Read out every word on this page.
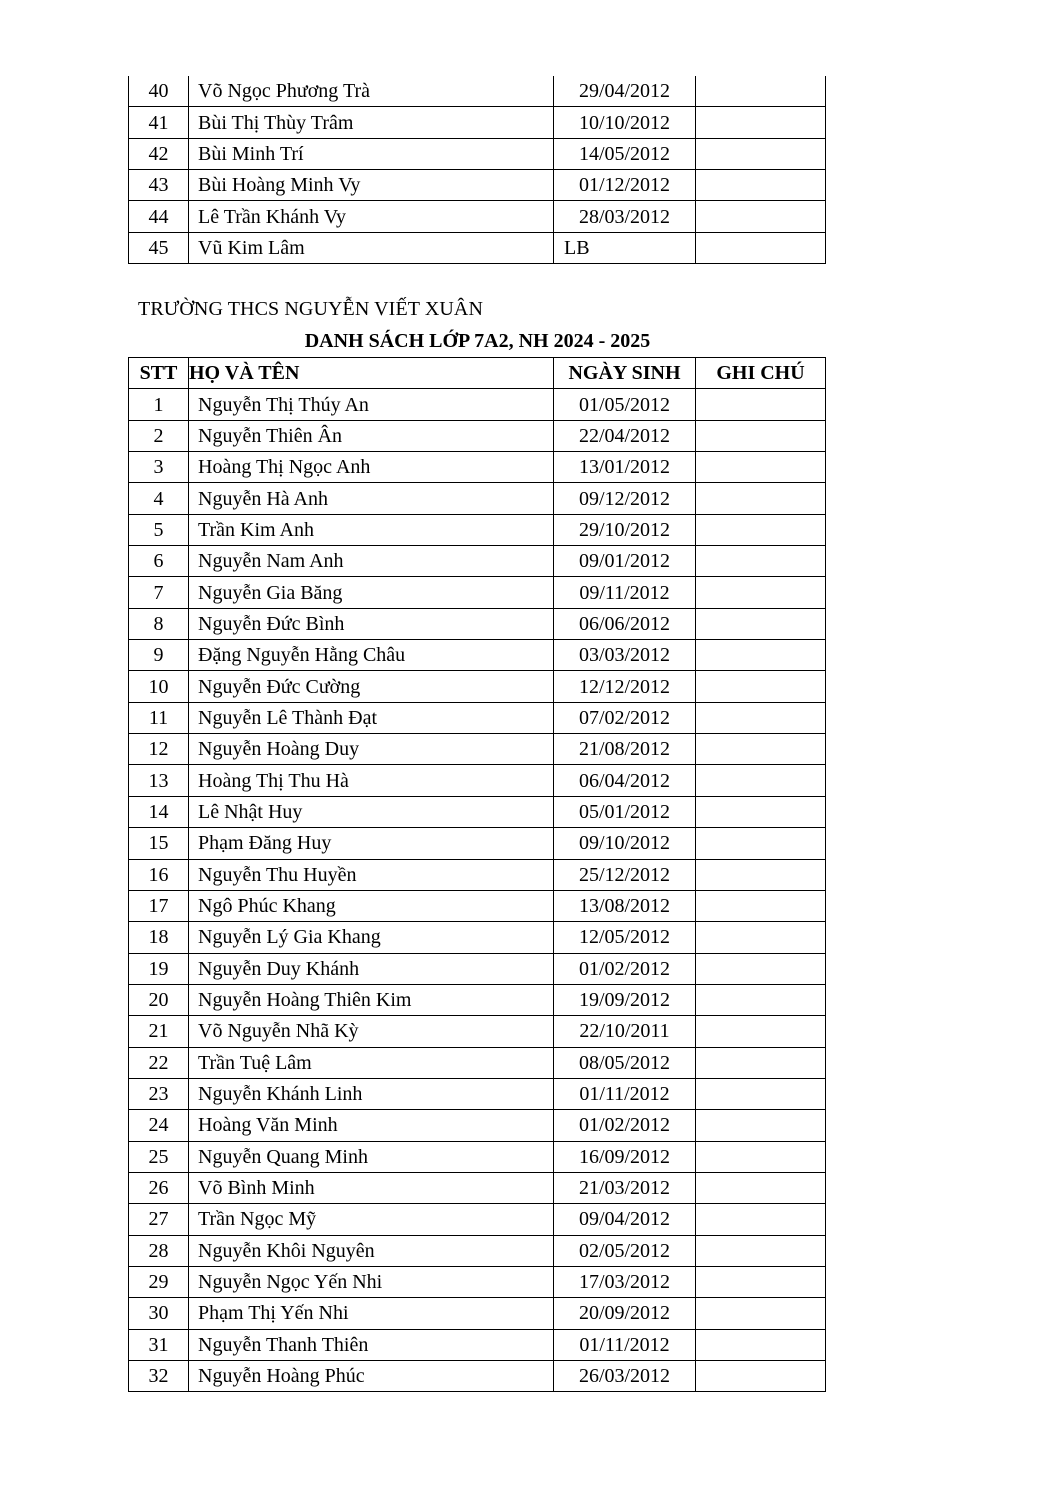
40	Võ Ngọc Phương Trà	29/04/2012	
41	Bùi Thị Thùy Trâm	10/10/2012	
42	Bùi Minh Trí	14/05/2012	
43	Bùi Hoàng Minh Vy	01/12/2012	
44	Lê Trần Khánh Vy	28/03/2012	
45	Vũ Kim Lâm	LB	
TRƯỜNG THCS NGUYỄN VIẾT XUÂN
DANH SÁCH LỚP 7A2, NH 2024 - 2025
STT	HỌ VÀ TÊN	NGÀY SINH	GHI CHÚ
1	Nguyễn Thị Thúy An	01/05/2012	
2	Nguyễn Thiên Ân	22/04/2012	
3	Hoàng Thị Ngọc Anh	13/01/2012	
4	Nguyễn Hà Anh	09/12/2012	
5	Trần Kim Anh	29/10/2012	
6	Nguyễn Nam Anh	09/01/2012	
7	Nguyễn Gia Băng	09/11/2012	
8	Nguyễn Đức Bình	06/06/2012	
9	Đặng Nguyễn Hằng Châu	03/03/2012	
10	Nguyễn Đức Cường	12/12/2012	
11	Nguyễn Lê Thành Đạt	07/02/2012	
12	Nguyễn Hoàng Duy	21/08/2012	
13	Hoàng Thị Thu Hà	06/04/2012	
14	Lê Nhật Huy	05/01/2012	
15	Phạm Đăng Huy	09/10/2012	
16	Nguyễn Thu Huyền	25/12/2012	
17	Ngô Phúc Khang	13/08/2012	
18	Nguyễn Lý Gia Khang	12/05/2012	
19	Nguyễn Duy Khánh	01/02/2012	
20	Nguyễn Hoàng Thiên Kim	19/09/2012	
21	Võ Nguyễn Nhã Kỳ	22/10/2011	
22	Trần Tuệ Lâm	08/05/2012	
23	Nguyễn Khánh Linh	01/11/2012	
24	Hoàng Văn Minh	01/02/2012	
25	Nguyễn Quang Minh	16/09/2012	
26	Võ Bình Minh	21/03/2012	
27	Trần Ngọc Mỹ	09/04/2012	
28	Nguyễn Khôi Nguyên	02/05/2012	
29	Nguyễn Ngọc Yến Nhi	17/03/2012	
30	Phạm Thị Yến Nhi	20/09/2012	
31	Nguyễn Thanh Thiên	01/11/2012	
32	Nguyễn Hoàng Phúc	26/03/2012	
